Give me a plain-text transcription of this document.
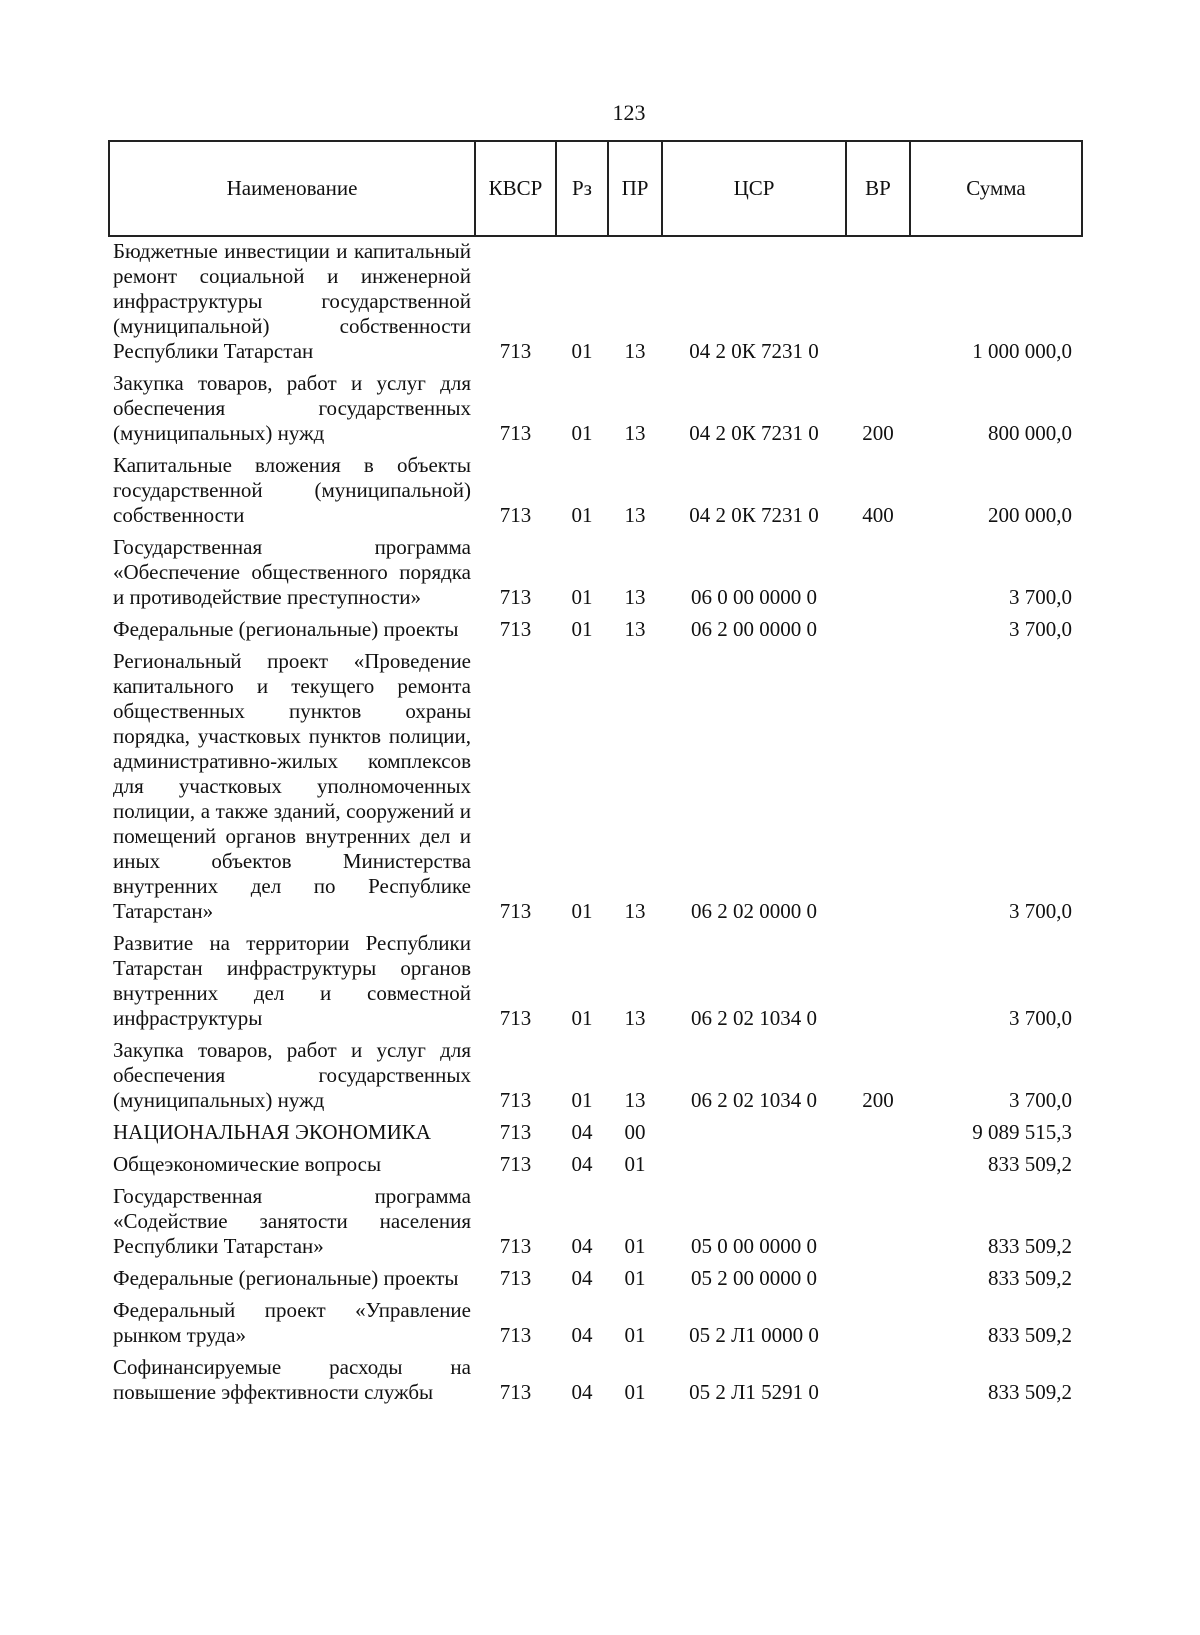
123
Наименование	КВСР	Рз	ПР	ЦСР	ВР	Сумма
Бюджетные инвестиции и капитальный ремонт социальной и инженерной инфраструктуры государственной (муниципальной) собственности Республики Татарстан	713	01	13	04 2 0К 7231 0		1 000 000,0
Закупка товаров, работ и услуг для обеспечения государственных (муниципальных) нужд	713	01	13	04 2 0К 7231 0	200	800 000,0
Капитальные вложения в объекты государственной (муниципальной) собственности	713	01	13	04 2 0К 7231 0	400	200 000,0
Государственная программа «Обеспечение общественного порядка и противодействие преступности»	713	01	13	06 0 00 0000 0		3 700,0
Федеральные (региональные) проекты	713	01	13	06 2 00 0000 0		3 700,0
Региональный проект «Проведение капитального и текущего ремонта общественных пунктов охраны порядка, участковых пунктов полиции, административно-жилых комплексов для участковых уполномоченных полиции, а также зданий, сооружений и помещений органов внутренних дел и иных объектов Министерства внутренних дел по Республике Татарстан»	713	01	13	06 2 02 0000 0		3 700,0
Развитие на территории Республики Татарстан инфраструктуры органов внутренних дел и совместной инфраструктуры	713	01	13	06 2 02 1034 0		3 700,0
Закупка товаров, работ и услуг для обеспечения государственных (муниципальных) нужд	713	01	13	06 2 02 1034 0	200	3 700,0
НАЦИОНАЛЬНАЯ ЭКОНОМИКА	713	04	00			9 089 515,3
Общеэкономические вопросы	713	04	01			833 509,2
Государственная программа «Содействие занятости населения Республики Татарстан»	713	04	01	05 0 00 0000 0		833 509,2
Федеральные (региональные) проекты	713	04	01	05 2 00 0000 0		833 509,2
Федеральный проект «Управление рынком труда»	713	04	01	05 2 Л1 0000 0		833 509,2
Софинансируемые расходы на повышение эффективности службы	713	04	01	05 2 Л1 5291 0		833 509,2
